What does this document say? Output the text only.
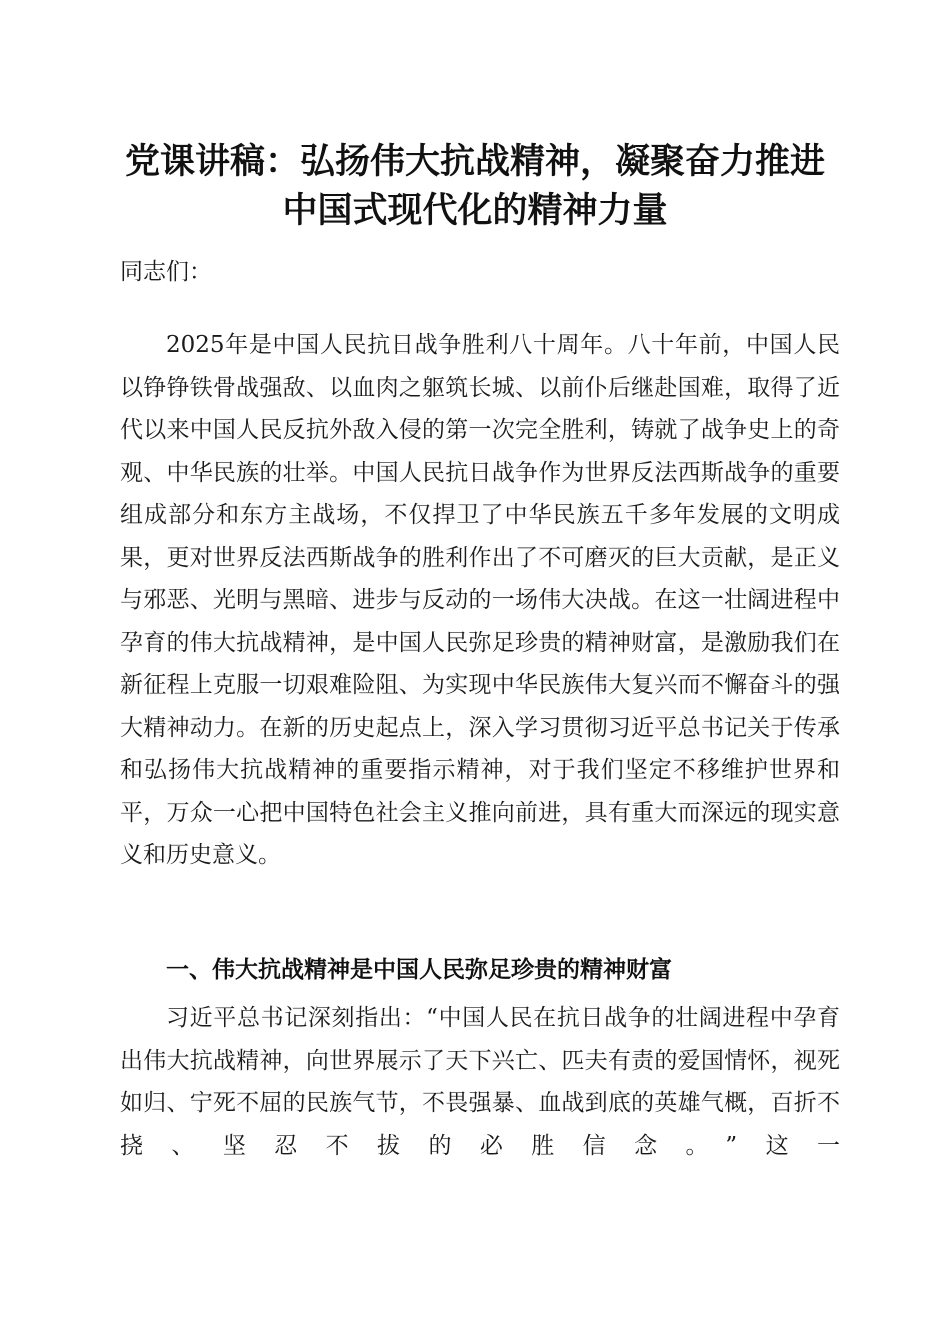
党课讲稿：弘扬伟大抗战精神，凝聚奋力推进
中国式现代化的精神力量
同志们：
2025年是中国人民抗日战争胜利八十周年。八十年前，中国人民以铮铮铁骨战强敌、以血肉之躯筑长城、以前仆后继赴国难，取得了近代以来中国人民反抗外敌入侵的第一次完全胜利，铸就了战争史上的奇观、中华民族的壮举。中国人民抗日战争作为世界反法西斯战争的重要组成部分和东方主战场，不仅捍卫了中华民族五千多年发展的文明成果，更对世界反法西斯战争的胜利作出了不可磨灭的巨大贡献，是正义与邪恶、光明与黑暗、进步与反动的一场伟大决战。在这一壮阔进程中孕育的伟大抗战精神，是中国人民弥足珍贵的精神财富，是激励我们在新征程上克服一切艰难险阻、为实现中华民族伟大复兴而不懈奋斗的强大精神动力。在新的历史起点上，深入学习贯彻习近平总书记关于传承和弘扬伟大抗战精神的重要指示精神，对于我们坚定不移维护世界和平，万众一心把中国特色社会主义推向前进，具有重大而深远的现实意义和历史意义。
一、伟大抗战精神是中国人民弥足珍贵的精神财富
习近平总书记深刻指出：“中国人民在抗日战争的壮阔进程中孕育出伟大抗战精神，向世界展示了天下兴亡、匹夫有责的爱国情怀，视死如归、宁死不屈的民族气节，不畏强暴、血战到底的英雄气概，百折不挠、坚忍不拔的必胜信念。”这一
